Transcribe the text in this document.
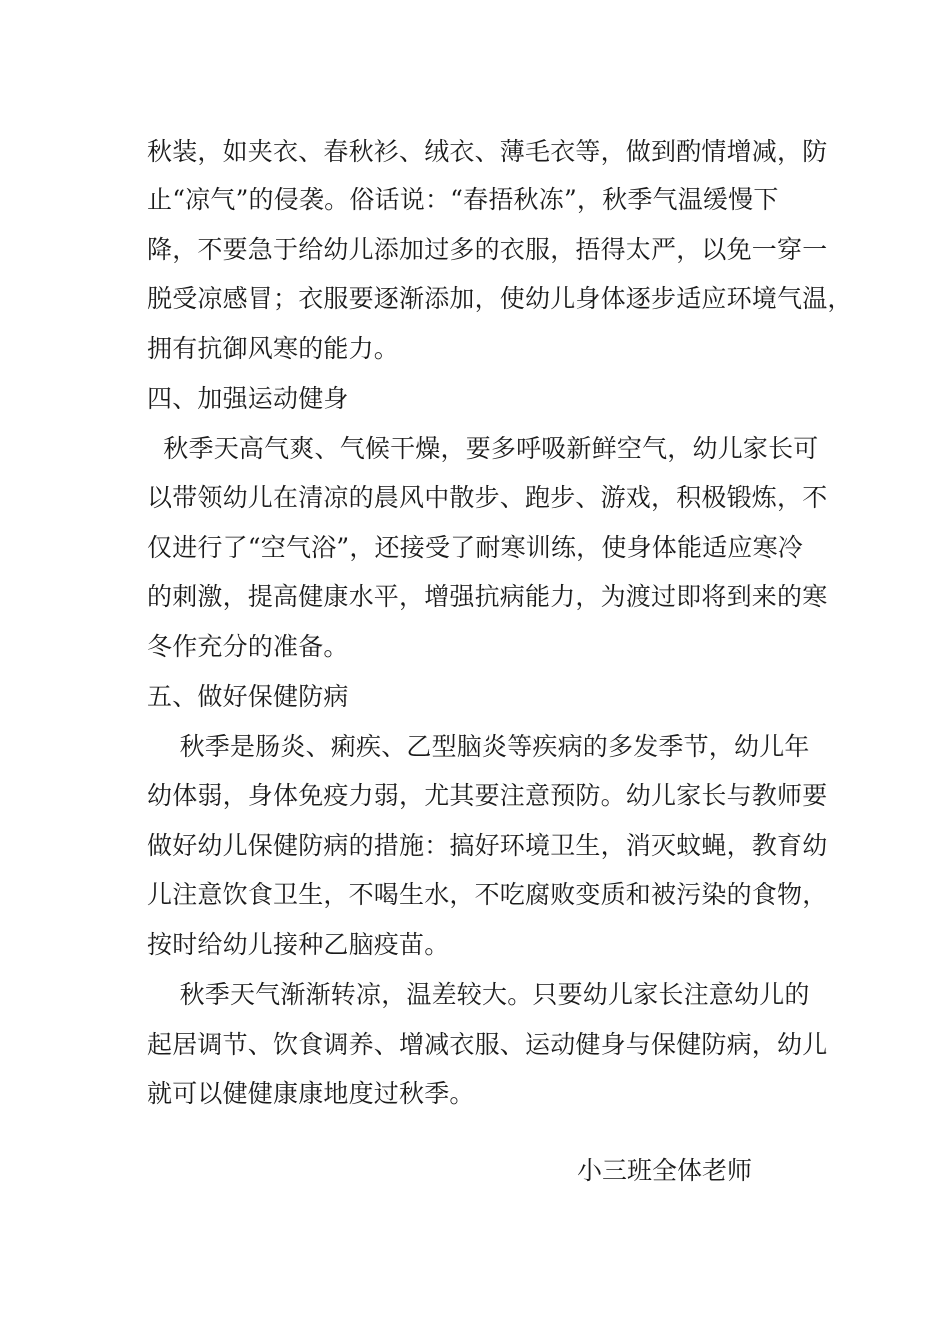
秋装，如夹衣、春秋衫、绒衣、薄毛衣等，做到酌情增减，防
止“凉气”的侵袭。俗话说：“春捂秋冻”，秋季气温缓慢下
降，不要急于给幼儿添加过多的衣服，捂得太严，以免一穿一
脱受凉感冒；衣服要逐渐添加，使幼儿身体逐步适应环境气温，
拥有抗御风寒的能力。
四、加强运动健身
秋季天高气爽、气候干燥，要多呼吸新鲜空气，幼儿家长可
以带领幼儿在清凉的晨风中散步、跑步、游戏，积极锻炼，不
仅进行了“空气浴”，还接受了耐寒训练，使身体能适应寒冷
的刺激，提高健康水平，增强抗病能力，为渡过即将到来的寒
冬作充分的准备。
五、做好保健防病
秋季是肠炎、痢疾、乙型脑炎等疾病的多发季节，幼儿年
幼体弱，身体免疫力弱，尤其要注意预防。幼儿家长与教师要
做好幼儿保健防病的措施：搞好环境卫生，消灭蚊蝇，教育幼
儿注意饮食卫生，不喝生水，不吃腐败变质和被污染的食物，
按时给幼儿接种乙脑疫苗。
秋季天气渐渐转凉，温差较大。只要幼儿家长注意幼儿的
起居调节、饮食调养、增减衣服、运动健身与保健防病，幼儿
就可以健健康康地度过秋季。
小三班全体老师
